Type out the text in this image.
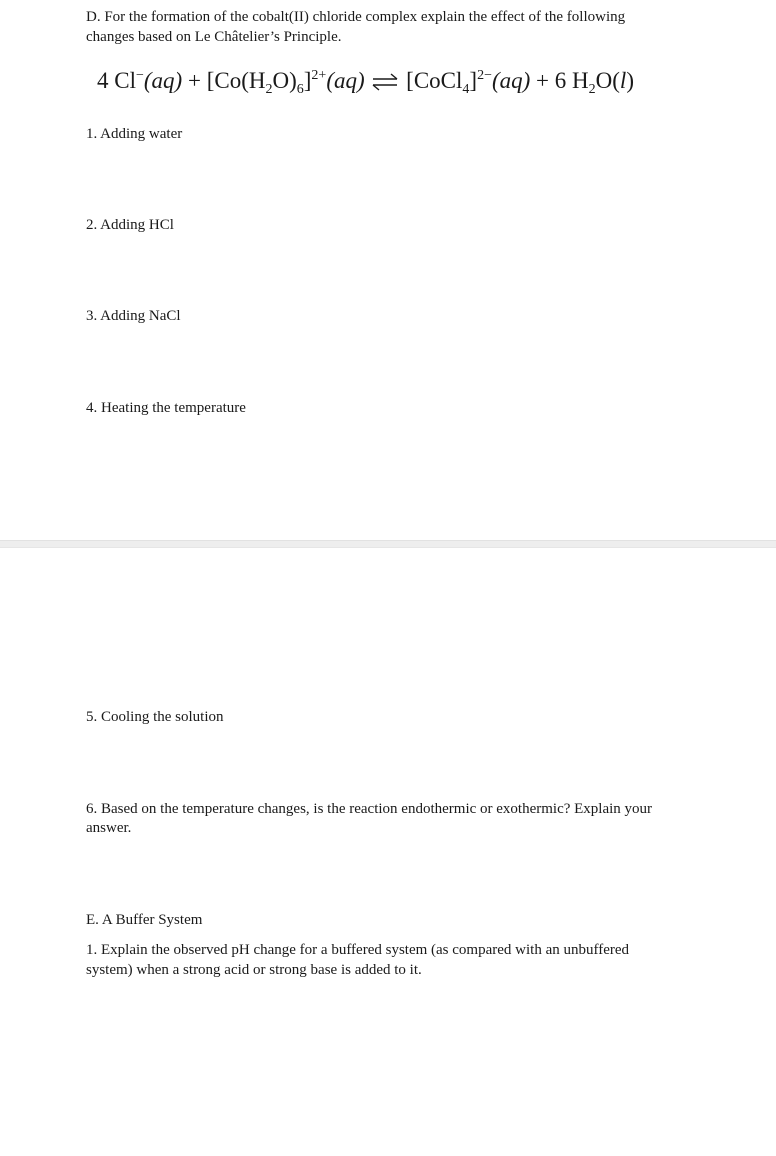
D. For the formation of the cobalt(II) chloride complex explain the effect of the following

changes based on Le Châtelier’s Principle.

4 $Cl^-(aq) + [Co(H_2O)_6]^{2+}(aq)$ ⇌ [CoCl$_4$]$^{2-}$(aq) + 6 $H_2O(l)$

1. Adding water

2. Adding HCl

3. Adding NaCl

4. Heating the temperature

5. Cooling the solution

6. Based on the temperature changes, is the reaction endothermic or exothermic? Explain your

answer.

E. A Buffer System

1. Explain the observed pH change for a buffered system (as compared with an unbuffered

system) when a strong acid or strong base is added to it.
